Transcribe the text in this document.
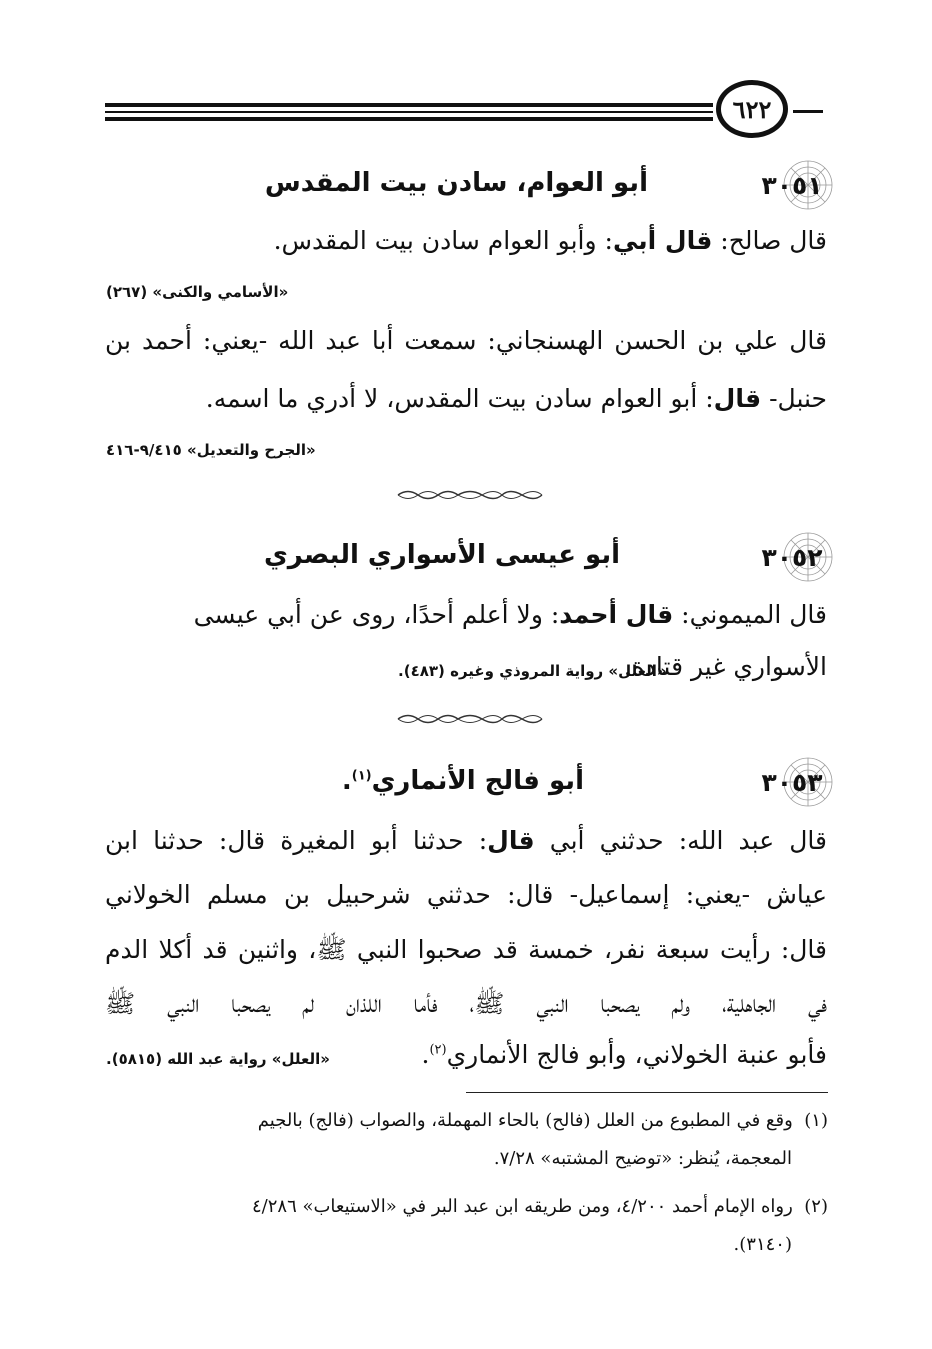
٦٢٢
٣٠٥١
أبو العوام، سادن بيت المقدس
قال صالح: قال أبي: وأبو العوام سادن بيت المقدس.
«الأسامي والكنى» (٢٦٧)
قال علي بن الحسن الهسنجاني: سمعت أبا عبد الله -يعني: أحمد بن
حنبل- قال: أبو العوام سادن بيت المقدس، لا أدري ما اسمه.
«الجرح والتعديل» ٩/٤١٥-٤١٦
٣٠٥٢
أبو عيسى الأسواري البصري
قال الميموني: قال أحمد: ولا أعلم أحدًا، روى عن أبي عيسى
الأسواري غير قتادة.
«العلل» رواية المروذي وغيره (٤٨٣).
٣٠٥٣
أبو فالج الأنماري$^{(١)}$.
قال عبد الله: حدثني أبي قال: حدثنا أبو المغيرة قال: حدثنا ابن
عياش -يعني: إسماعيل- قال: حدثني شرحبيل بن مسلم الخولاني
قال: رأيت سبعة نفر، خمسة قد صحبوا النبي ﷺ، واثنين قد أكلا الدم
في الجاهلية، ولم يصحبا النبي ﷺ، فأما اللذان لم يصحبا النبي ﷺ
فأبو عنبة الخولاني، وأبو فالج الأنماري$^{(٢)}$.
«العلل» رواية عبد الله (٥٨١٥).
(١)  وقع في المطبوع من العلل (فالح) بالحاء المهملة، والصواب (فالج) بالجيم
المعجمة، يُنظر: «توضيح المشتبه» ٧/٢٨.
(٢)  رواه الإمام أحمد ٤/٢٠٠، ومن طريقه ابن عبد البر في «الاستيعاب» ٤/٢٨٦
(٣١٤٠).
